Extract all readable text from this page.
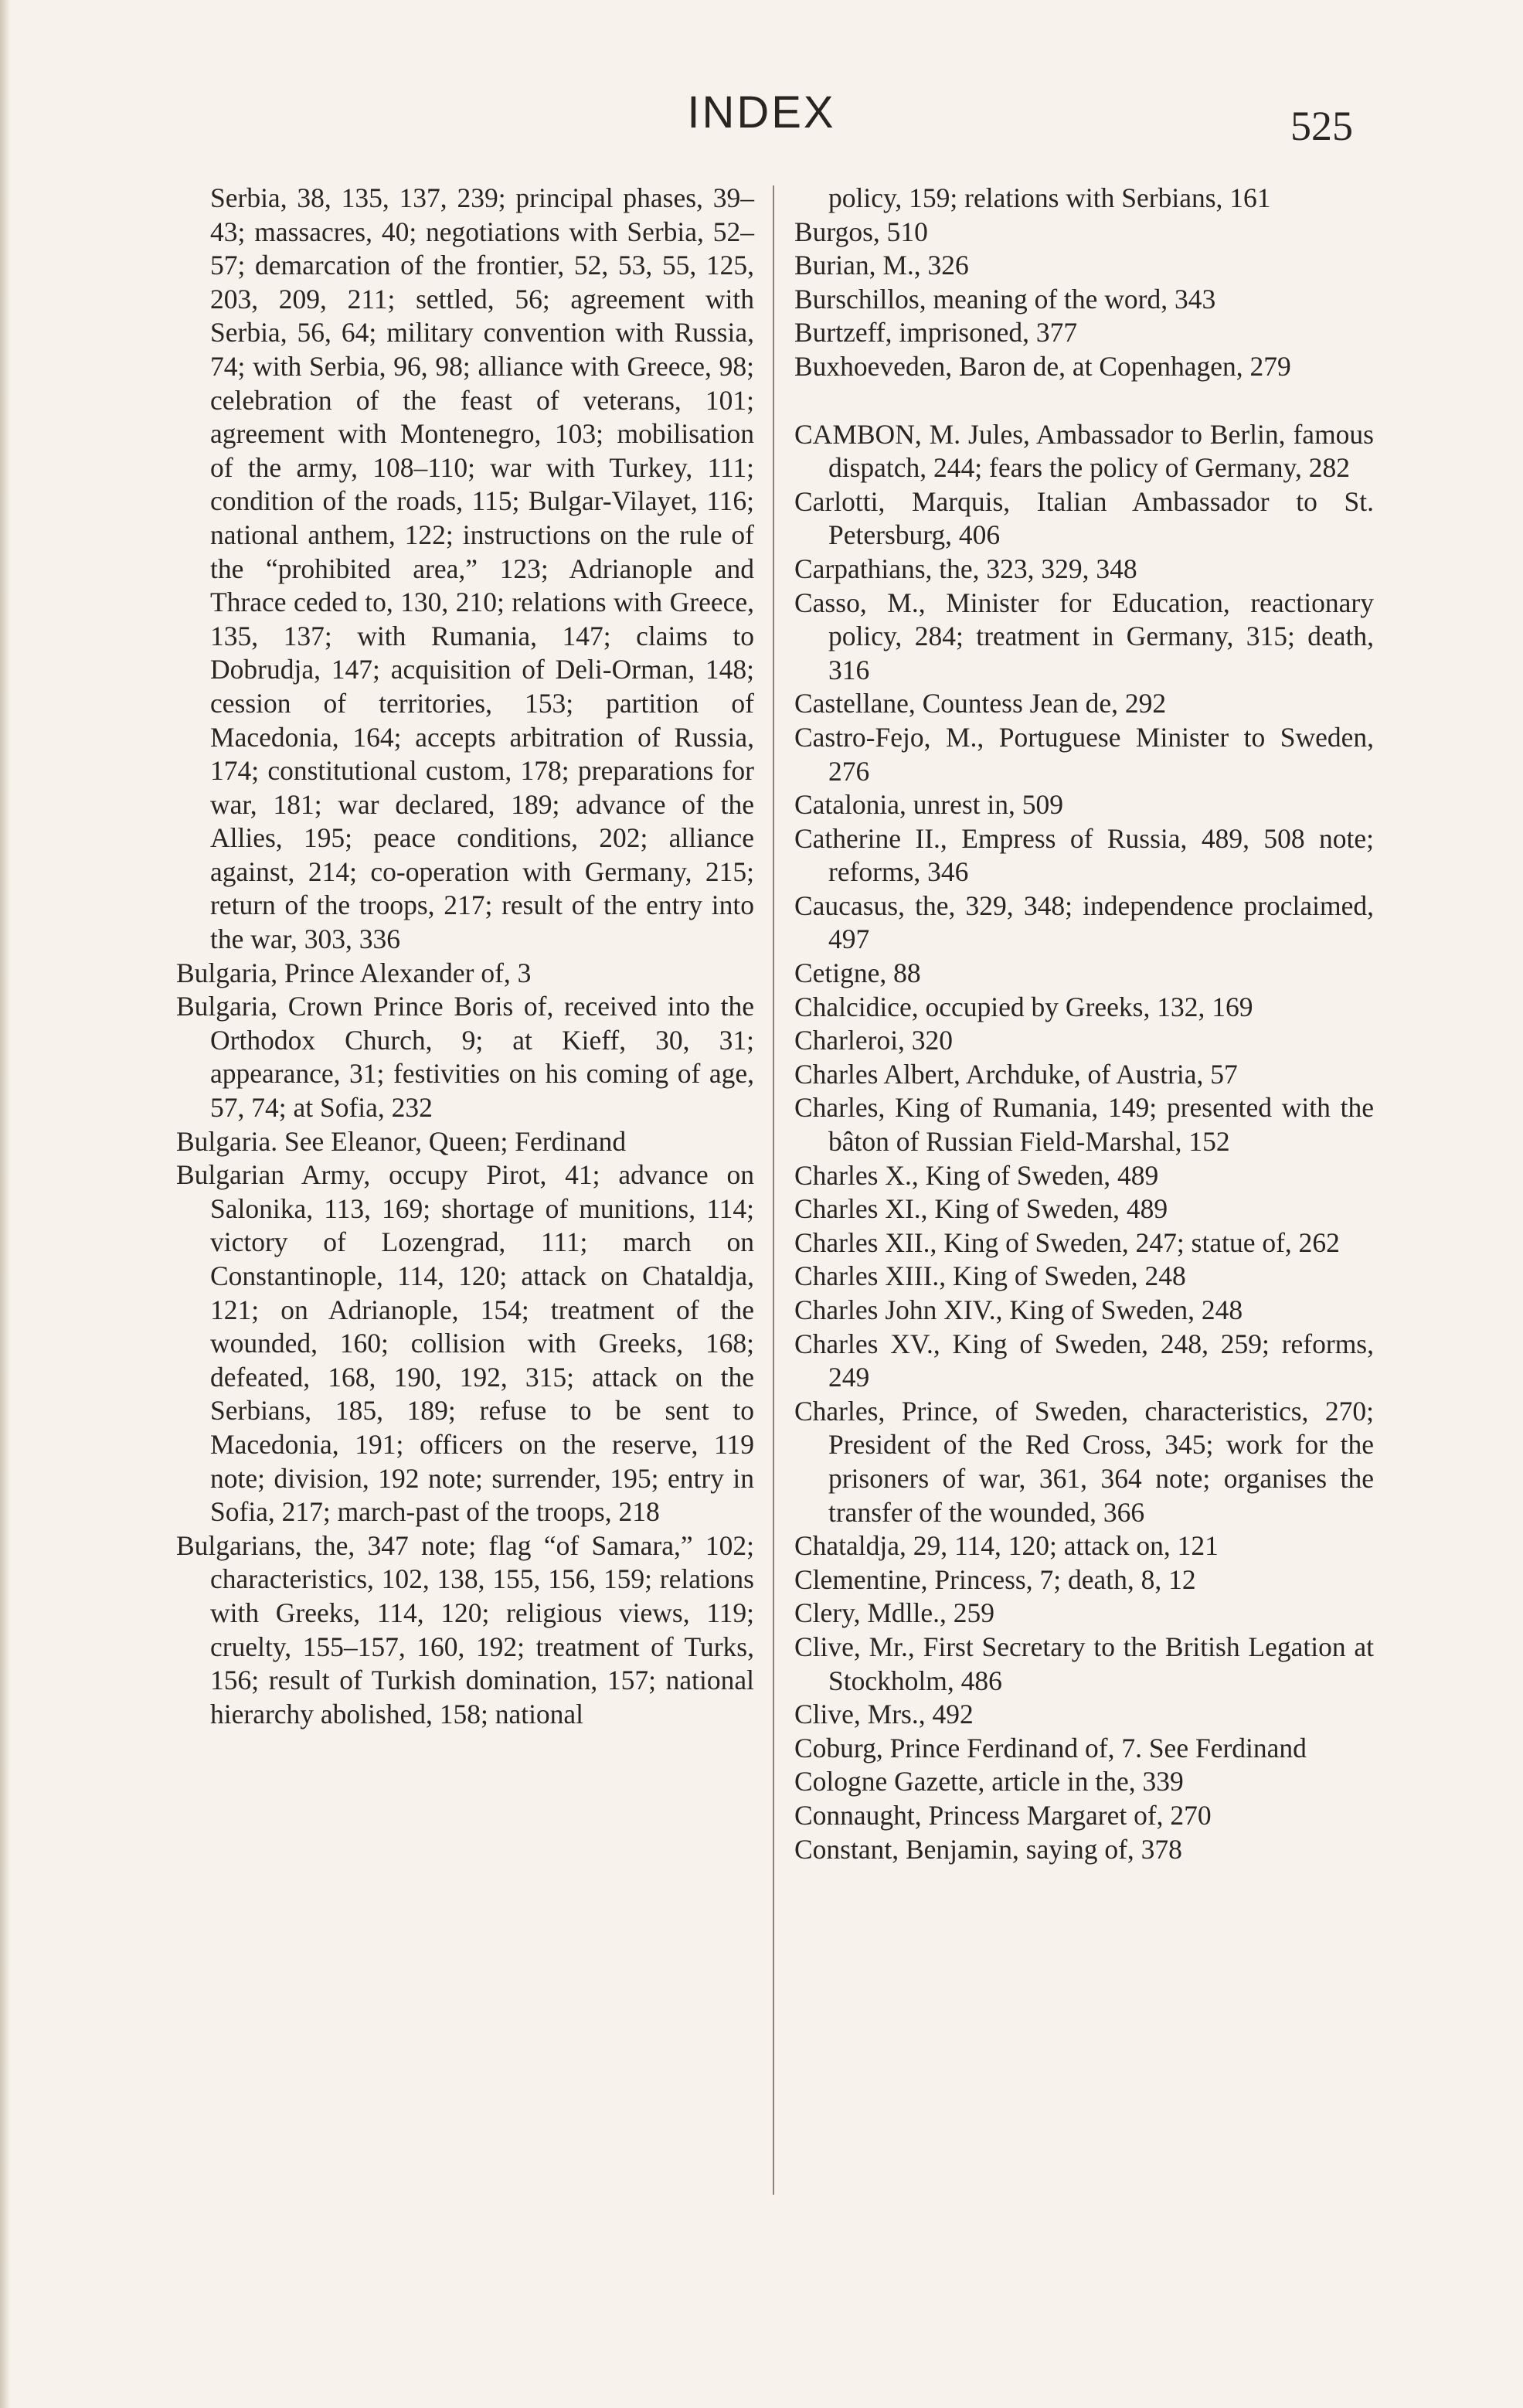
INDEX	525

Serbia, 38, 135, 137, 239; principal phases, 39–43; massacres, 40; negotiations with Serbia, 52–57; demarcation of the frontier, 52, 53, 55, 125, 203, 209, 211; settled, 56; agreement with Serbia, 56, 64; military convention with Russia, 74; with Serbia, 96, 98; alliance with Greece, 98; celebration of the feast of veterans, 101; agreement with Montenegro, 103; mobilisation of the army, 108–110; war with Turkey, 111; condition of the roads, 115; Bulgar-Vilayet, 116; national anthem, 122; instructions on the rule of the “prohibited area,” 123; Adrianople and Thrace ceded to, 130, 210; relations with Greece, 135, 137; with Rumania, 147; claims to Dobrudja, 147; acquisition of Deli-Orman, 148; cession of territories, 153; partition of Macedonia, 164; accepts arbitration of Russia, 174; constitutional custom, 178; preparations for war, 181; war declared, 189; advance of the Allies, 195; peace conditions, 202; alliance against, 214; co-operation with Germany, 215; return of the troops, 217; result of the entry into the war, 303, 336

Bulgaria, Prince Alexander of, 3

Bulgaria, Crown Prince Boris of, received into the Orthodox Church, 9; at Kieff, 30, 31; appearance, 31; festivities on his coming of age, 57, 74; at Sofia, 232

Bulgaria. See Eleanor, Queen; Ferdinand

Bulgarian Army, occupy Pirot, 41; advance on Salonika, 113, 169; shortage of munitions, 114; victory of Lozengrad, 111; march on Constantinople, 114, 120; attack on Chataldja, 121; on Adrianople, 154; treatment of the wounded, 160; collision with Greeks, 168; defeated, 168, 190, 192, 315; attack on the Serbians, 185, 189; refuse to be sent to Macedonia, 191; officers on the reserve, 119 note; division, 192 note; surrender, 195; entry in Sofia, 217; march-past of the troops, 218

Bulgarians, the, 347 note; flag “of Samara,” 102; characteristics, 102, 138, 155, 156, 159; relations with Greeks, 114, 120; religious views, 119; cruelty, 155–157, 160, 192; treatment of Turks, 156; result of Turkish domination, 157; national hierarchy abolished, 158; national

policy, 159; relations with Serbians, 161

Burgos, 510

Burian, M., 326

Burschillos, meaning of the word, 343

Burtzeff, imprisoned, 377

Buxhoeveden, Baron de, at Copenhagen, 279

CAMBON, M. Jules, Ambassador to Berlin, famous dispatch, 244; fears the policy of Germany, 282

Carlotti, Marquis, Italian Ambassador to St. Petersburg, 406

Carpathians, the, 323, 329, 348

Casso, M., Minister for Education, reactionary policy, 284; treatment in Germany, 315; death, 316

Castellane, Countess Jean de, 292

Castro-Fejo, M., Portuguese Minister to Sweden, 276

Catalonia, unrest in, 509

Catherine II., Empress of Russia, 489, 508 note; reforms, 346

Caucasus, the, 329, 348; independence proclaimed, 497

Cetigne, 88

Chalcidice, occupied by Greeks, 132, 169

Charleroi, 320

Charles Albert, Archduke, of Austria, 57

Charles, King of Rumania, 149; presented with the bâton of Russian Field-Marshal, 152

Charles X., King of Sweden, 489

Charles XI., King of Sweden, 489

Charles XII., King of Sweden, 247; statue of, 262

Charles XIII., King of Sweden, 248

Charles John XIV., King of Sweden, 248

Charles XV., King of Sweden, 248, 259; reforms, 249

Charles, Prince, of Sweden, characteristics, 270; President of the Red Cross, 345; work for the prisoners of war, 361, 364 note; organises the transfer of the wounded, 366

Chataldja, 29, 114, 120; attack on, 121

Clementine, Princess, 7; death, 8, 12

Clery, Mdlle., 259

Clive, Mr., First Secretary to the British Legation at Stockholm, 486

Clive, Mrs., 492

Coburg, Prince Ferdinand of, 7. See Ferdinand

Cologne Gazette, article in the, 339

Connaught, Princess Margaret of, 270

Constant, Benjamin, saying of, 378
